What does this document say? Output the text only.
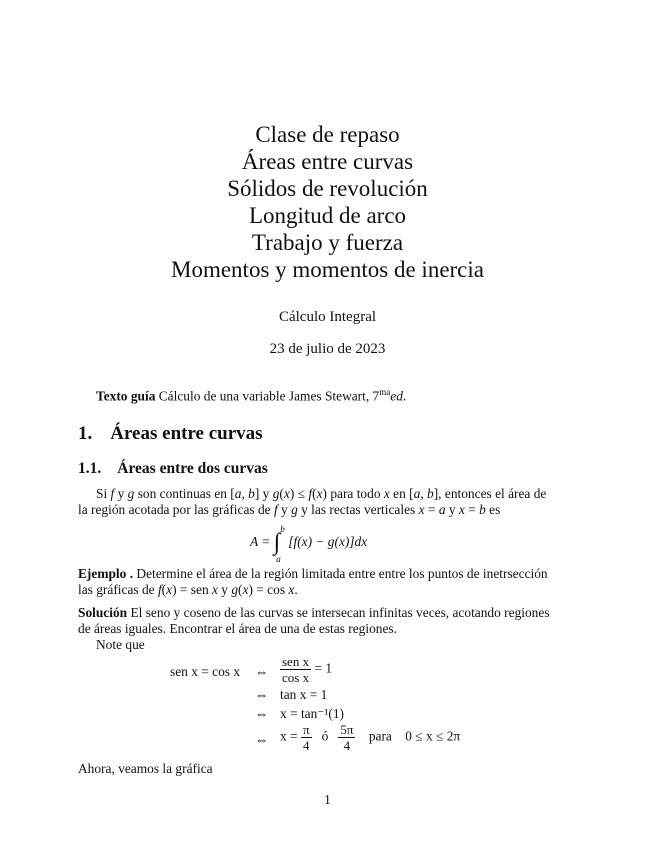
Clase de repaso
Áreas entre curvas
Sólidos de revolución
Longitud de arco
Trabajo y fuerza
Momentos y momentos de inercia
Cálculo Integral
23 de julio de 2023
Texto guía Cálculo de una variable James Stewart, $7^{ma}ed$.
1. Áreas entre curvas
1.1. Áreas entre dos curvas
Si f y g son continuas en [a, b] y g(x) ≤ f(x) para todo x en [a, b], entonces el área de
la región acotada por las gráficas de f y g y las rectas verticales x = a y x = b es
A = ∫
b
a
[f(x) − g(x)]dx
Ejemplo . Determine el área de la región limitada entre entre los puntos de inetrsección
las gráficas de f(x) = sen x y g(x) = cos x.
Solución El seno y coseno de las curvas se intersecan infinitas veces, acotando regiones
de áreas iguales. Encontrar el área de una de estas regiones.
Note que
sen x = cos x ⇔ $\frac{\text{sen x}}{\text{cos x}} = 1$
⇔ tan x = 1
⇔ x = tan⁻¹(1)
⇔ $x = \frac{\pi}{4}$ ó $\frac{5\pi}{4}$ para 0 ≤ x ≤ 2π
Ahora, veamos la gráfica
1
